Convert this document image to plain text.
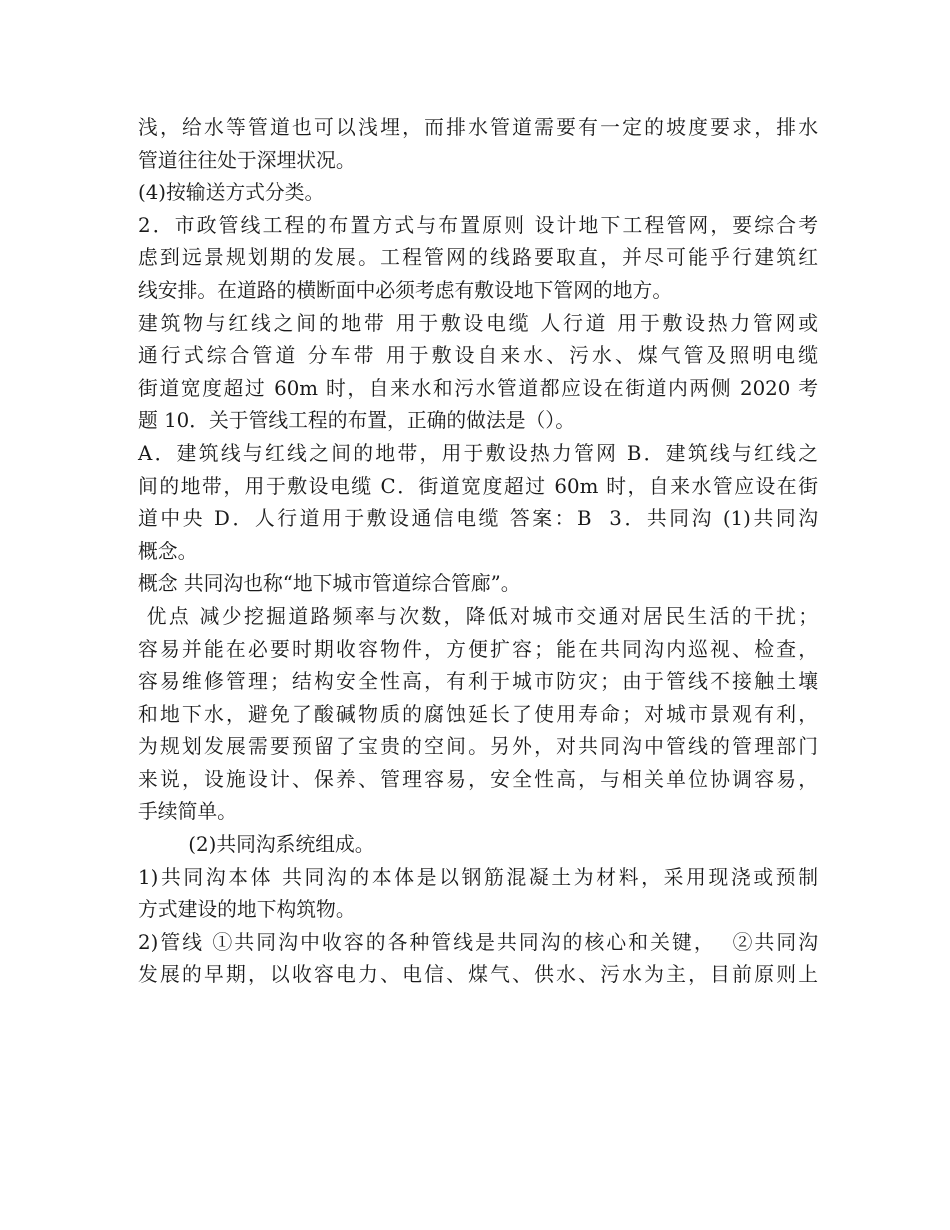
浅，给水等管道也可以浅埋，而排水管道需要有一定的坡度要求，排水
管道往往处于深埋状况。
(4)按输送方式分类。
2．市政管线工程的布置方式与布置原则 设计地下工程管网，要综合考
虑到远景规划期的发展。工程管网的线路要取直，并尽可能乎行建筑红
线安排。在道路的横断面中必须考虑有敷设地下管网的地方。
建筑物与红线之间的地带 用于敷设电缆 人行道 用于敷设热力管网或
通行式综合管道 分车带 用于敷设自来水、污水、煤气管及照明电缆
街道宽度超过 60m 时，自来水和污水管道都应设在街道内两侧 2020 考
题 10．关于管线工程的布置，正确的做法是（）。
A．建筑线与红线之间的地带，用于敷设热力管网 B．建筑线与红线之
间的地带，用于敷设电缆 C．街道宽度超过 60m 时，自来水管应设在街
道中央 D．人行道用于敷设通信电缆 答案：B  3．共同沟 (1)共同沟
概念。
概念 共同沟也称“地下城市管道综合管廊”。
优点 减少挖掘道路频率与次数，降低对城市交通对居民生活的干扰；
容易并能在必要时期收容物件，方便扩容；能在共同沟内巡视、检查，
容易维修管理；结构安全性高，有利于城市防灾；由于管线不接触土壤
和地下水，避免了酸碱物质的腐蚀延长了使用寿命；对城市景观有利，
为规划发展需要预留了宝贵的空间。另外，对共同沟中管线的管理部门
来说，设施设计、保养、管理容易，安全性高，与相关单位协调容易，
手续简单。
(2)共同沟系统组成。
1)共同沟本体 共同沟的本体是以钢筋混凝土为材料，采用现浇或预制
方式建设的地下构筑物。
2)管线 ①共同沟中收容的各种管线是共同沟的核心和关键，  ②共同沟
发展的早期，以收容电力、电信、煤气、供水、污水为主，目前原则上
